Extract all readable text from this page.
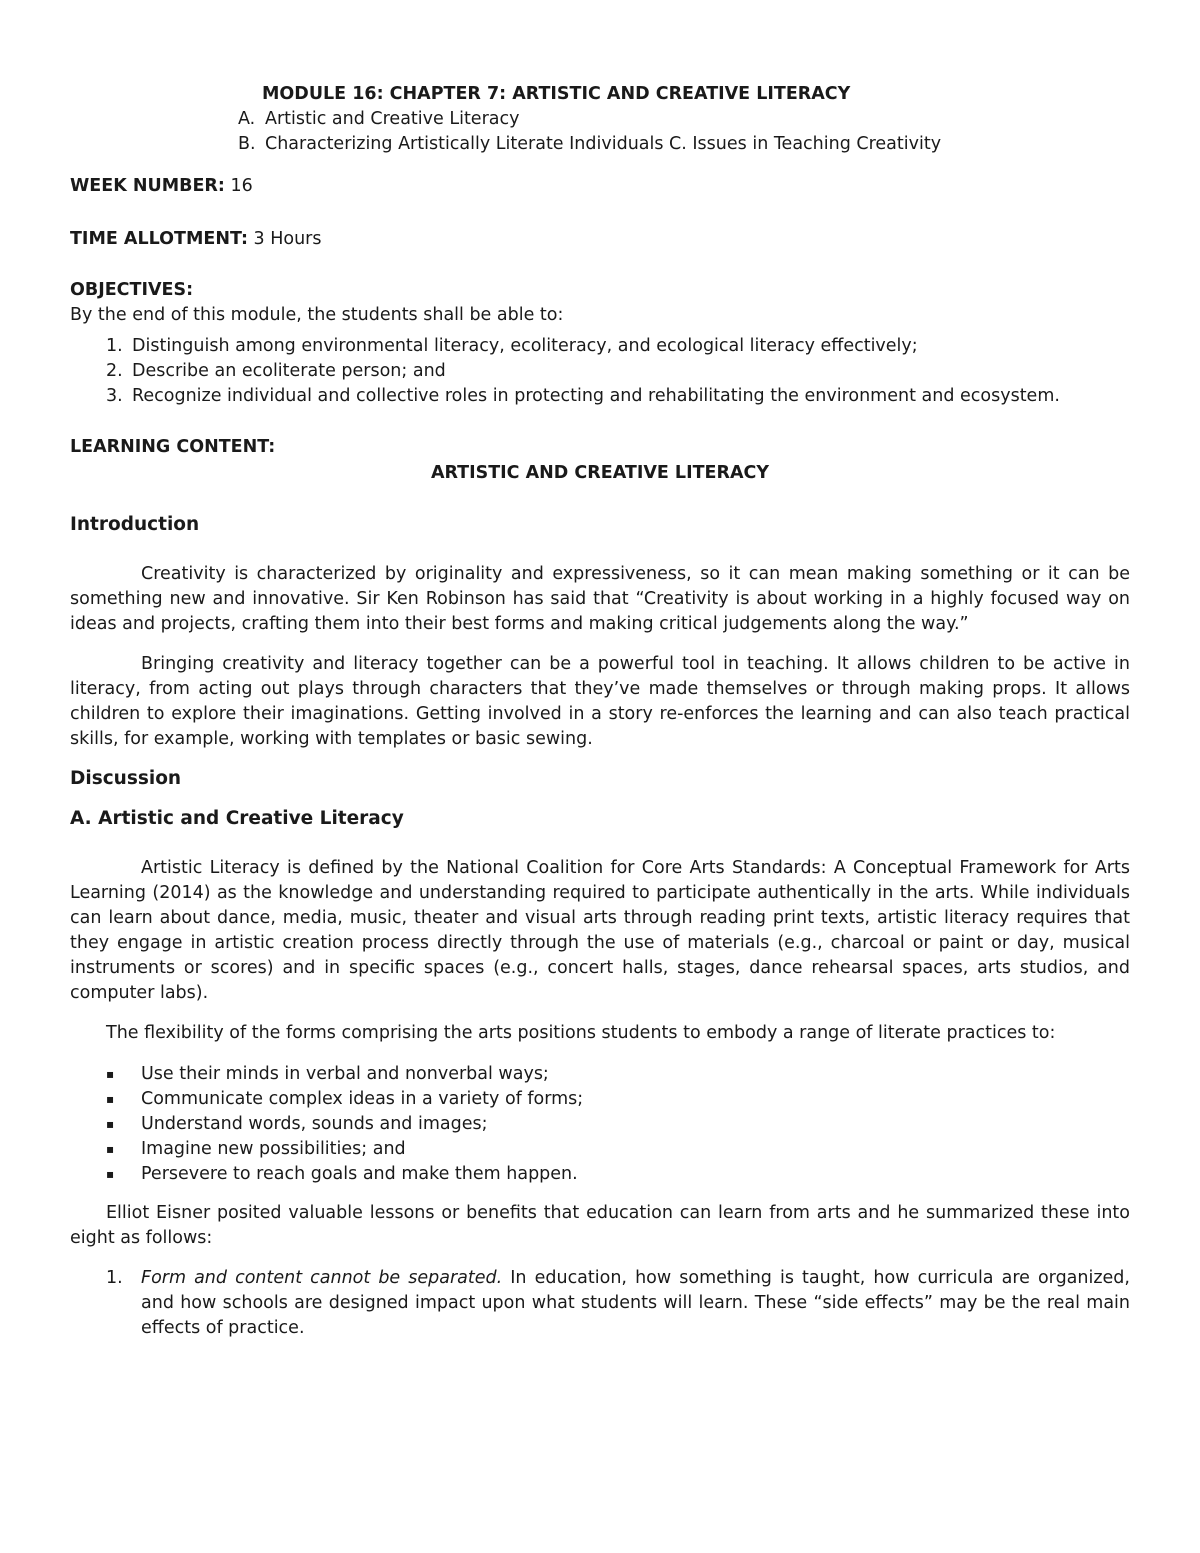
MODULE 16: CHAPTER 7: ARTISTIC AND CREATIVE LITERACY

A. Artistic and Creative Literacy
B. Characterizing Artistically Literate Individuals C. Issues in Teaching Creativity

WEEK NUMBER: 16

TIME ALLOTMENT: 3 Hours

OBJECTIVES:

By the end of this module, the students shall be able to:

1. Distinguish among environmental literacy, ecoliteracy, and ecological literacy effectively;
2. Describe an ecoliterate person; and
3. Recognize individual and collective roles in protecting and rehabilitating the environment and ecosystem.

LEARNING CONTENT:

ARTISTIC AND CREATIVE LITERACY

Introduction

Creativity is characterized by originality and expressiveness, so it can mean making something or it can be something new and innovative. Sir Ken Robinson has said that “Creativity is about working in a highly focused way on ideas and projects, crafting them into their best forms and making critical judgements along the way.”

Bringing creativity and literacy together can be a powerful tool in teaching. It allows children to be active in literacy, from acting out plays through characters that they’ve made themselves or through making props. It allows children to explore their imaginations. Getting involved in a story re-enforces the learning and can also teach practical skills, for example, working with templates or basic sewing.

Discussion

A. Artistic and Creative Literacy

Artistic Literacy is defined by the National Coalition for Core Arts Standards: A Conceptual Framework for Arts Learning (2014) as the knowledge and understanding required to participate authentically in the arts. While individuals can learn about dance, media, music, theater and visual arts through reading print texts, artistic literacy requires that they engage in artistic creation process directly through the use of materials (e.g., charcoal or paint or day, musical instruments or scores) and in specific spaces (e.g., concert halls, stages, dance rehearsal spaces, arts studios, and computer labs).

The flexibility of the forms comprising the arts positions students to embody a range of literate practices to:

▪	Use their minds in verbal and nonverbal ways;
▪	Communicate complex ideas in a variety of forms;
▪	Understand words, sounds and images;
▪	Imagine new possibilities; and
▪	Persevere to reach goals and make them happen.

Elliot Eisner posited valuable lessons or benefits that education can learn from arts and he summarized these into eight as follows:

1.	Form and content cannot be separated. In education, how something is taught, how curricula are organized, and how schools are designed impact upon what students will learn. These “side effects” may be the real main effects of practice.
